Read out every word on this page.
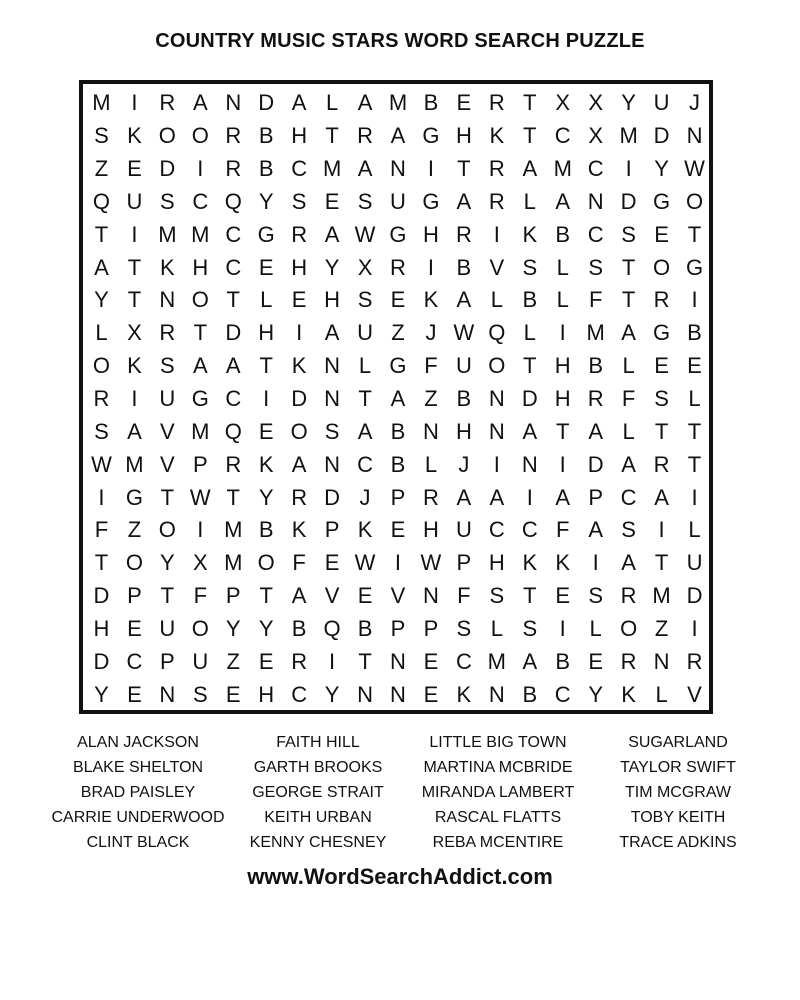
COUNTRY MUSIC STARS WORD SEARCH PUZZLE
M I R A N D A L A M B E R T X X Y U J
S K O O R B H T R A G H K T C X M D N
Z E D I R B C M A N I	T R A M C I	Y W
Q U S C Q Y S E S U G A R L A N D G O
T	I M M C G R A W G H R I	K B C S E T
A T K H C E H Y X R I	B V S L S T O G
Y T N O T L E H S E K A L B L F T R I
L X R T D H I	A U Z J W Q L	I M A G B
O K S A A T K N L G F U O T H B L E E
R I U G C I D N T A Z B N D H R F S L
S A V M Q E O S A B N H N A T A L T T
W M V P R K A N C B L J	I N I D A R T
I G T W T Y R D J P R A A	I	A P C A	I
F Z O I M B K P K E H U C C F A S	I	L
T O Y X M O F E W I W P H K K	I	A T U
D P T F P T A V E V N F S T E S R M D
H E U O Y Y B Q B P P S L S	I	L O Z	I
D C P U Z E R I	T N E C M A B E R N R
Y E N S E H C Y N N E K N B C Y K L V
ALAN JACKSON
BLAKE SHELTON
BRAD PAISLEY
CARRIE UNDERWOOD
CLINT BLACK
FAITH HILL
GARTH BROOKS
GEORGE STRAIT
KEITH URBAN
KENNY CHESNEY
LITTLE BIG TOWN
MARTINA MCBRIDE
MIRANDA LAMBERT
RASCAL FLATTS
REBA MCENTIRE
SUGARLAND
TAYLOR SWIFT
TIM MCGRAW
TOBY KEITH
TRACE ADKINS
www.WordSearchAddict.com
